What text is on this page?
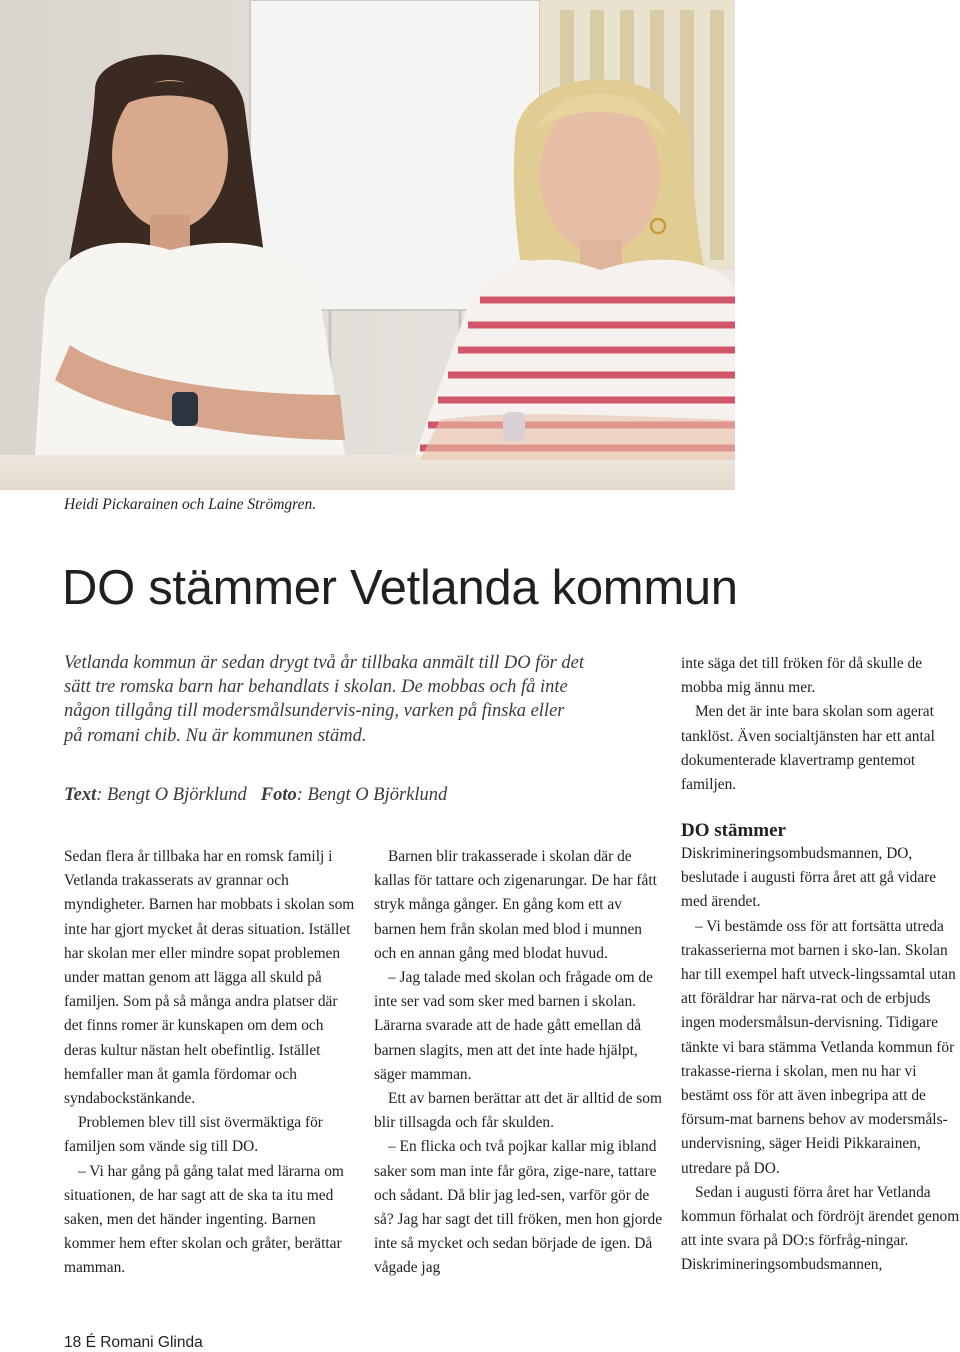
Heidi Pickarainen och Laine Strömgren.
DO stämmer Vetlanda kommun

Vetlanda kommun är sedan drygt två år tillbaka anmält till DO för det sätt tre romska barn har behandlats i skolan. De mobbas och få inte någon tillgång till modersmålsundervis-ning, varken på finska eller på romani chib. Nu är kommunen stämd.

Text: Bengt O Björklund Foto: Bengt O Björklund

Sedan flera år tillbaka har en romsk familj i Vetlanda trakasserats av grannar och myndigheter. Barnen har mobbats i skolan som inte har gjort mycket åt deras situation. Istället har skolan mer eller mindre sopat problemen under mattan genom att lägga all skuld på familjen. Som på så många andra platser där det finns romer är kunskapen om dem och deras kultur nästan helt obefintlig. Istället hemfaller man åt gamla fördomar och syndabockstänkande.

Problemen blev till sist övermäktiga för familjen som vände sig till DO.

– Vi har gång på gång talat med lärarna om situationen, de har sagt att de ska ta itu med saken, men det händer ingenting. Barnen kommer hem efter skolan och gråter, berättar mamman.

Barnen blir trakasserade i skolan där de kallas för tattare och zigenarungar. De har fått stryk många gånger. En gång kom ett av barnen hem från skolan med blod i munnen och en annan gång med blodat huvud.

– Jag talade med skolan och frågade om de inte ser vad som sker med barnen i skolan. Lärarna svarade att de hade gått emellan då barnen slagits, men att det inte hade hjälpt, säger mamman.

Ett av barnen berättar att det är alltid de som blir tillsagda och får skulden.

– En flicka och två pojkar kallar mig ibland saker som man inte får göra, zige-nare, tattare och sådant. Då blir jag led-sen, varför gör de så? Jag har sagt det till fröken, men hon gjorde inte så mycket och sedan började de igen. Då vågade jag

inte säga det till fröken för då skulle de mobba mig ännu mer.

Men det är inte bara skolan som agerat tanklöst. Även socialtjänsten har ett antal dokumenterade klavertramp gentemot familjen.

DO stämmer

Diskrimineringsombudsmannen, DO, beslutade i augusti förra året att gå vidare med ärendet.

– Vi bestämde oss för att fortsätta utreda trakasserierna mot barnen i sko-lan. Skolan har till exempel haft utveck-lingssamtal utan att föräldrar har närva-rat och de erbjuds ingen modersmålsun-dervisning. Tidigare tänkte vi bara stämma Vetlanda kommun för trakasse-rierna i skolan, men nu har vi bestämt oss för att även inbegripa att de försum-mat barnens behov av modersmåls-undervisning, säger Heidi Pikkarainen, utredare på DO.

Sedan i augusti förra året har Vetlanda kommun förhalat och fördröjt ärendet genom att inte svara på DO:s förfråg-ningar. Diskrimineringsombudsmannen,

18 É Romani Glinda
